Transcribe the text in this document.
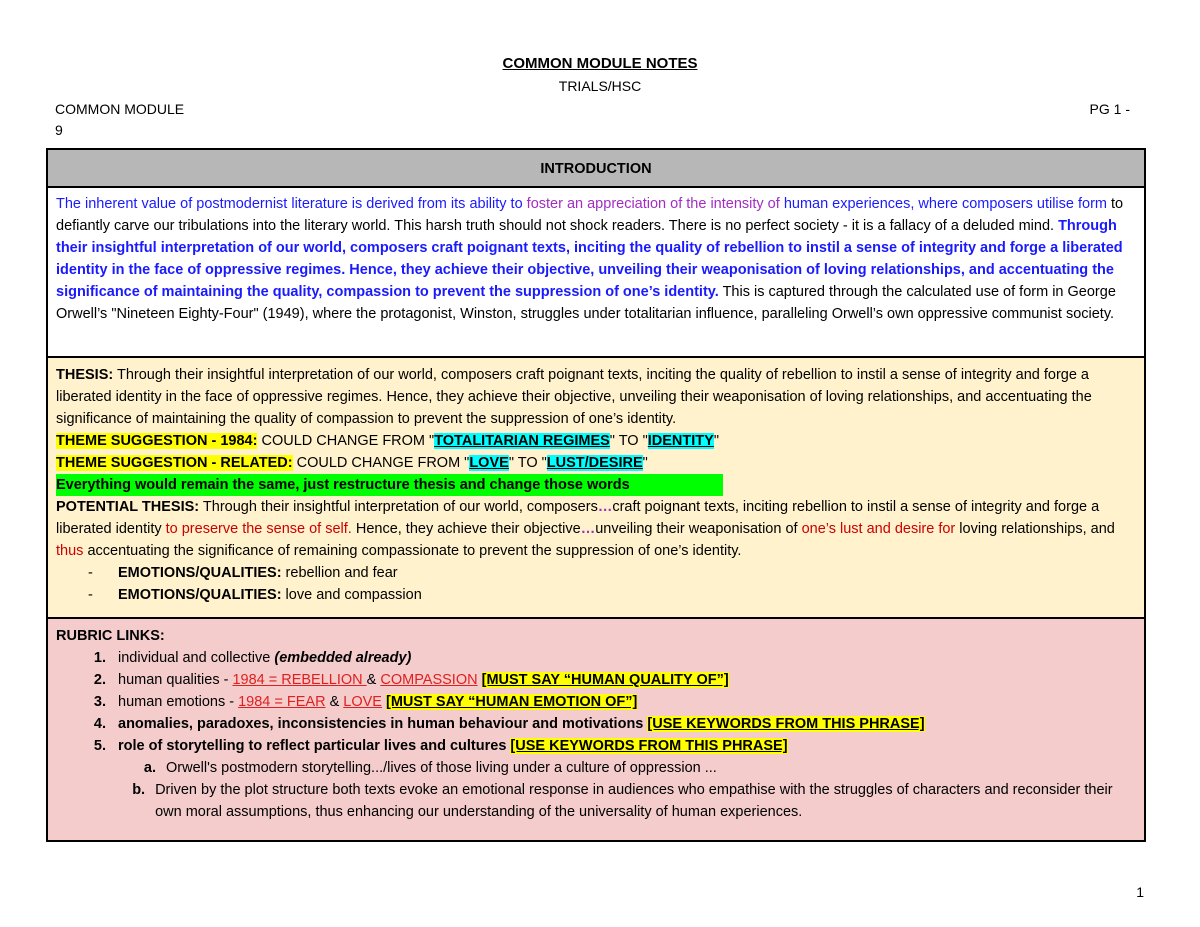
COMMON MODULE NOTES
TRIALS/HSC
COMMON MODULE	PG 1 -
9
INTRODUCTION
The inherent value of postmodernist literature is derived from its ability to foster an appreciation of the intensity of human experiences, where composers utilise form to defiantly carve our tribulations into the literary world. This harsh truth should not shock readers. There is no perfect society - it is a fallacy of a deluded mind. Through their insightful interpretation of our world, composers craft poignant texts, inciting the quality of rebellion to instil a sense of integrity and forge a liberated identity in the face of oppressive regimes. Hence, they achieve their objective, unveiling their weaponisation of loving relationships, and accentuating the significance of maintaining the quality, compassion to prevent the suppression of one’s identity. This is captured through the calculated use of form in George Orwell’s "Nineteen Eighty-Four" (1949), where the protagonist, Winston, struggles under totalitarian influence, paralleling Orwell’s own oppressive communist society.
THESIS: Through their insightful interpretation of our world, composers craft poignant texts, inciting the quality of rebellion to instil a sense of integrity and forge a liberated identity in the face of oppressive regimes. Hence, they achieve their objective, unveiling their weaponisation of loving relationships, and accentuating the significance of maintaining the quality of compassion to prevent the suppression of one’s identity.
THEME SUGGESTION - 1984: COULD CHANGE FROM "TOTALITARIAN REGIMES" TO "IDENTITY"
THEME SUGGESTION - RELATED: COULD CHANGE FROM "LOVE" TO "LUST/DESIRE"
Everything would remain the same, just restructure thesis and change those words
POTENTIAL THESIS: Through their insightful interpretation of our world, composers…craft poignant texts, inciting rebellion to instil a sense of integrity and forge a liberated identity to preserve the sense of self. Hence, they achieve their objective…unveiling their weaponisation of one’s lust and desire for loving relationships, and thus accentuating the significance of remaining compassionate to prevent the suppression of one’s identity.
-	EMOTIONS/QUALITIES: rebellion and fear
-	EMOTIONS/QUALITIES: love and compassion
RUBRIC LINKS:
1. individual and collective (embedded already)
2. human qualities - 1984 = REBELLION & COMPASSION [MUST SAY “HUMAN QUALITY OF”]
3. human emotions - 1984 = FEAR & LOVE [MUST SAY “HUMAN EMOTION OF”]
4. anomalies, paradoxes, inconsistencies in human behaviour and motivations [USE KEYWORDS FROM THIS PHRASE]
5. role of storytelling to reflect particular lives and cultures [USE KEYWORDS FROM THIS PHRASE]
a. Orwell's postmodern storytelling.../lives of those living under a culture of oppression ...
b. Driven by the plot structure both texts evoke an emotional response in audiences who empathise with the struggles of characters and reconsider their own moral assumptions, thus enhancing our understanding of the universality of human experiences.
1
